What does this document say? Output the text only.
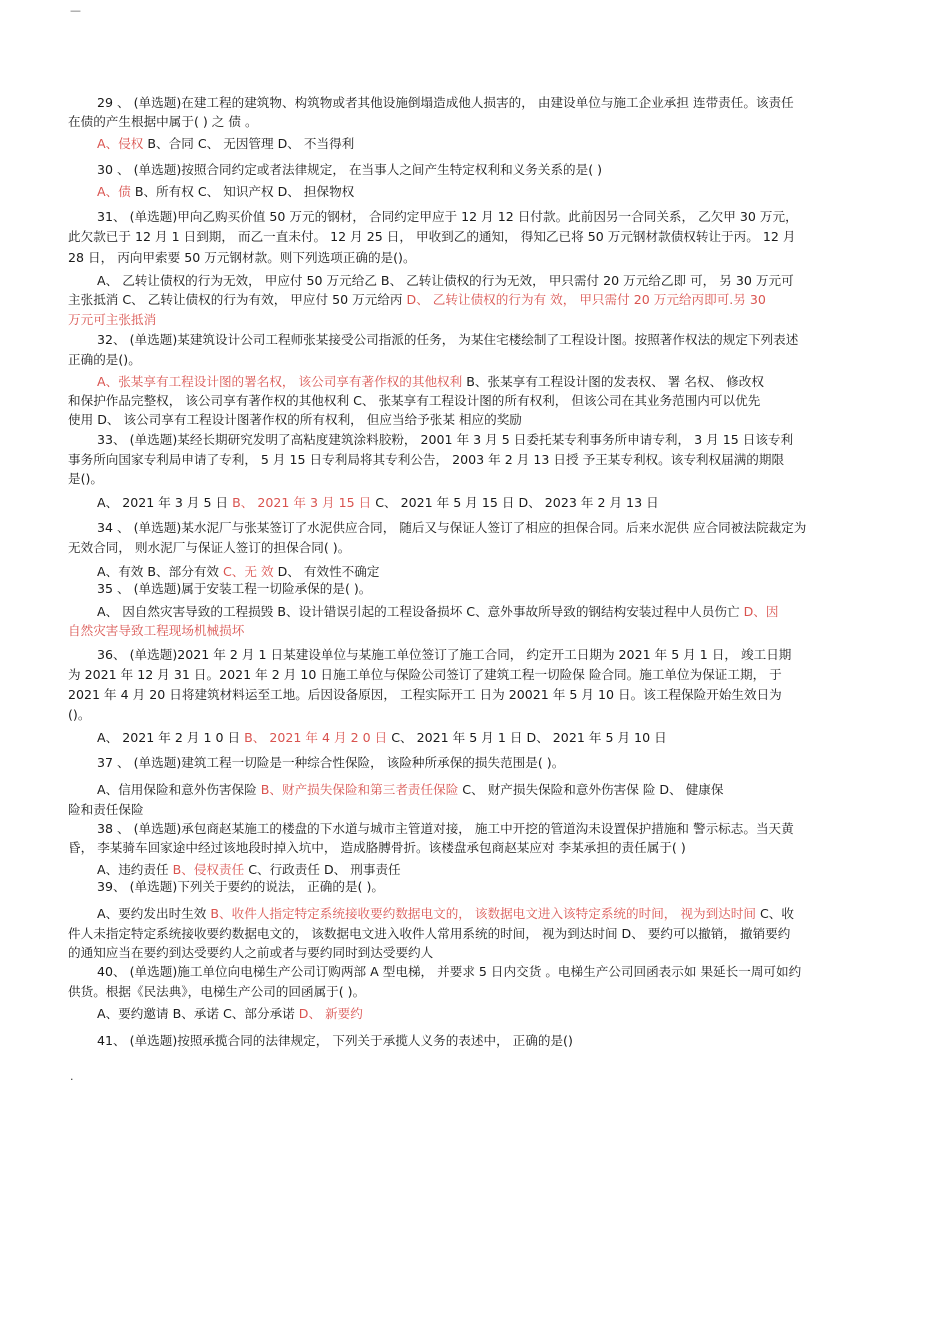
—
29 、 (单选题)在建工程的建筑物、构筑物或者其他设施倒塌造成他人损害的， 由建设单位与施工企业承担 连带责任。该责任
在债的产生根据中属于( ) 之 债 。
A、侵权 B、合同 C、 无因管理 D、 不当得利
30 、 (单选题)按照合同约定或者法律规定， 在当事人之间产生特定权利和义务关系的是( )
A、债 B、所有权 C、 知识产权 D、 担保物权
31、 (单选题)甲向乙购买价值 50 万元的钢材， 合同约定甲应于 12 月 12 日付款。此前因另一合同关系， 乙欠甲 30 万元，
此欠款已于 12 月 1 日到期， 而乙一直未付。 12 月 25 日， 甲收到乙的通知， 得知乙已将 50 万元钢材款债权转让于丙。 12 月
28 日， 丙向甲索要 50 万元钢材款。则下列选项正确的是()。
A、 乙转让债权的行为无效， 甲应付 50 万元给乙 B、 乙转让债权的行为无效， 甲只需付 20 万元给乙即 可， 另 30 万元可
主张抵消 C、 乙转让债权的行为有效， 甲应付 50 万元给丙 D、 乙转让债权的行为有 效， 甲只需付 20 万元给丙即可.另 30
万元可主张抵消
32、 (单选题)某建筑设计公司工程师张某接受公司指派的任务， 为某住宅楼绘制了工程设计图。按照著作权法的规定下列表述
正确的是()。
A、张某享有工程设计图的署名权， 该公司享有著作权的其他权利 B、张某享有工程设计图的发表权、 署 名权、 修改权
和保护作品完整权， 该公司享有著作权的其他权利 C、 张某享有工程设计图的所有权利， 但该公司在其业务范围内可以优先
使用 D、 该公司享有工程设计图著作权的所有权利， 但应当给予张某 相应的奖励
33、 (单选题)某经长期研究发明了高粘度建筑涂料胶粉， 2001 年 3 月 5 日委托某专利事务所申请专利， 3 月 15 日该专利
事务所向国家专利局申请了专利， 5 月 15 日专利局将其专利公告， 2003 年 2 月 13 日授 予王某专利权。该专利权届满的期限
是()。
A、 2021 年 3 月 5 日 B、 2021 年 3 月 15 日 C、 2021 年 5 月 15 日 D、 2023 年 2 月 13 日
34 、 (单选题)某水泥厂与张某签订了水泥供应合同， 随后又与保证人签订了相应的担保合同。后来水泥供 应合同被法院裁定为
无效合同， 则水泥厂与保证人签订的担保合同( )。
A、有效 B、部分有效 C、无 效 D、 有效性不确定
35 、 (单选题)属于安装工程一切险承保的是( )。
A、 因自然灾害导致的工程损毁 B、设计错误引起的工程设备损坏 C、意外事故所导致的钢结构安装过程中人员伤亡 D、因
自然灾害导致工程现场机械损坏
36、 (单选题)2021 年 2 月 1 日某建设单位与某施工单位签订了施工合同， 约定开工日期为 2021 年 5 月 1 日， 竣工日期
为 2021 年 12 月 31 日。2021 年 2 月 10 日施工单位与保险公司签订了建筑工程一切险保 险合同。施工单位为保证工期， 于
2021 年 4 月 20 日将建筑材料运至工地。后因设备原因， 工程实际开工 日为 20021 年 5 月 10 日。该工程保险开始生效日为
()。
A、 2021 年 2 月 1 0 日 B、 2021 年 4 月 2 0 日 C、 2021 年 5 月 1 日 D、 2021 年 5 月 10 日
37 、 (单选题)建筑工程一切险是一种综合性保险， 该险种所承保的损失范围是( )。
A、信用保险和意外伤害保险 B、财产损失保险和第三者责任保险 C、 财产损失保险和意外伤害保 险 D、 健康保
险和责任保险
38 、 (单选题)承包商赵某施工的楼盘的下水道与城市主管道对接， 施工中开挖的管道沟未设置保护措施和 警示标志。当天黄
昏， 李某骑车回家途中经过该地段时掉入坑中， 造成胳膊骨折。该楼盘承包商赵某应对 李某承担的责任属于( )
A、违约责任 B、侵权责任 C、行政责任 D、 刑事责任
39、 (单选题)下列关于要约的说法， 正确的是( )。
A、要约发出时生效 B、收件人指定特定系统接收要约数据电文的， 该数据电文进入该特定系统的时间， 视为到达时间 C、收
件人未指定特定系统接收要约数据电文的， 该数据电文进入收件人常用系统的时间， 视为到达时间 D、 要约可以撤销， 撤销要约
的通知应当在要约到达受要约人之前或者与要约同时到达受要约人
40、 (单选题)施工单位向电梯生产公司订购两部 A 型电梯， 并要求 5 日内交货 。电梯生产公司回函表示如 果延长一周可如约
供货。根据《民法典》，电梯生产公司的回函属于( )。
A、要约邀请 B、承诺 C、部分承诺 D、 新要约
41、 (单选题)按照承揽合同的法律规定， 下列关于承揽人义务的表述中， 正确的是()
.
